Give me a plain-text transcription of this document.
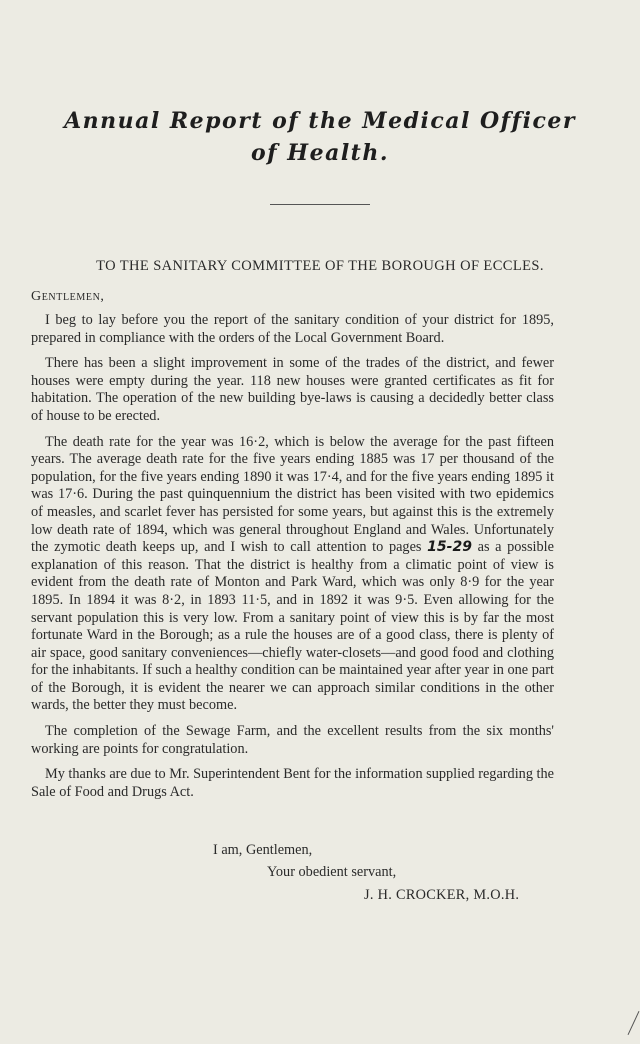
Annual Report of the Medical Officer
of Health.
TO THE SANITARY COMMITTEE OF THE BOROUGH OF ECCLES.
Gentlemen,

I beg to lay before you the report of the sanitary condition of your district for 1895, prepared in compliance with the orders of the Local Government Board.

There has been a slight improvement in some of the trades of the district, and fewer houses were empty during the year. 118 new houses were granted certificates as fit for habitation. The operation of the new building bye-laws is causing a decidedly better class of house to be erected.

The death rate for the year was 16·2, which is below the average for the past fifteen years. The average death rate for the five years ending 1885 was 17 per thousand of the population, for the five years ending 1890 it was 17·4, and for the five years ending 1895 it was 17·6. During the past quinquennium the district has been visited with two epidemics of measles, and scarlet fever has persisted for some years, but against this is the extremely low death rate of 1894, which was general throughout England and Wales. Unfortunately the zymotic death keeps up, and I wish to call attention to pages 15-29 as a possible explanation of this reason. That the district is healthy from a climatic point of view is evident from the death rate of Monton and Park Ward, which was only 8·9 for the year 1895. In 1894 it was 8·2, in 1893 11·5, and in 1892 it was 9·5. Even allowing for the servant population this is very low. From a sanitary point of view this is by far the most fortunate Ward in the Borough; as a rule the houses are of a good class, there is plenty of air space, good sanitary conveniences—chiefly water-closets—and good food and clothing for the inhabitants. If such a healthy condition can be maintained year after year in one part of the Borough, it is evident the nearer we can approach similar conditions in the other wards, the better they must become.

The completion of the Sewage Farm, and the excellent results from the six months' working are points for congratulation.

My thanks are due to Mr. Superintendent Bent for the information supplied regarding the Sale of Food and Drugs Act.

I am, Gentlemen,
Your obedient servant,
J. H. CROCKER, M.O.H.
